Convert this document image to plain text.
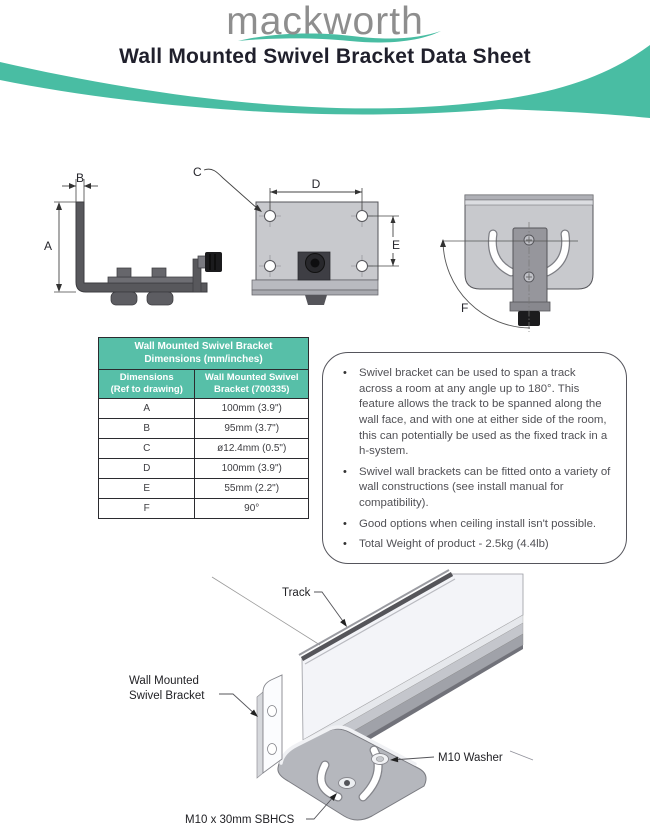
mackworth
Wall Mounted Swivel Bracket Data Sheet
A
B	C
D
E
F
Wall Mounted Swivel Bracket
Dimensions (mm/inches)	

Dimensions
(Ref to drawing)

Wall Mounted Swivel
Bracket (700335)

A	100mm (3.9")
B	95mm (3.7")
C	ø12.4mm (0.5")
D	100mm (3.9")
E	55mm (2.2")
F	90°
•	Swivel bracket can be used to span a track across a room at any angle up to 180°. This feature allows the track to be spanned along the wall face, and with one at either side of the room, this can potentially be used as the fixed track in a h-system.
•	Swivel wall brackets can be fitted onto a variety of wall constructions (see install manual for compatibility).
•	Good options when ceiling install isn't possible.
•	Total Weight of product - 2.5kg (4.4lb)
Track
Wall Mounted
Swivel Bracket
M10 Washer
M10 x 30mm SBHCS
